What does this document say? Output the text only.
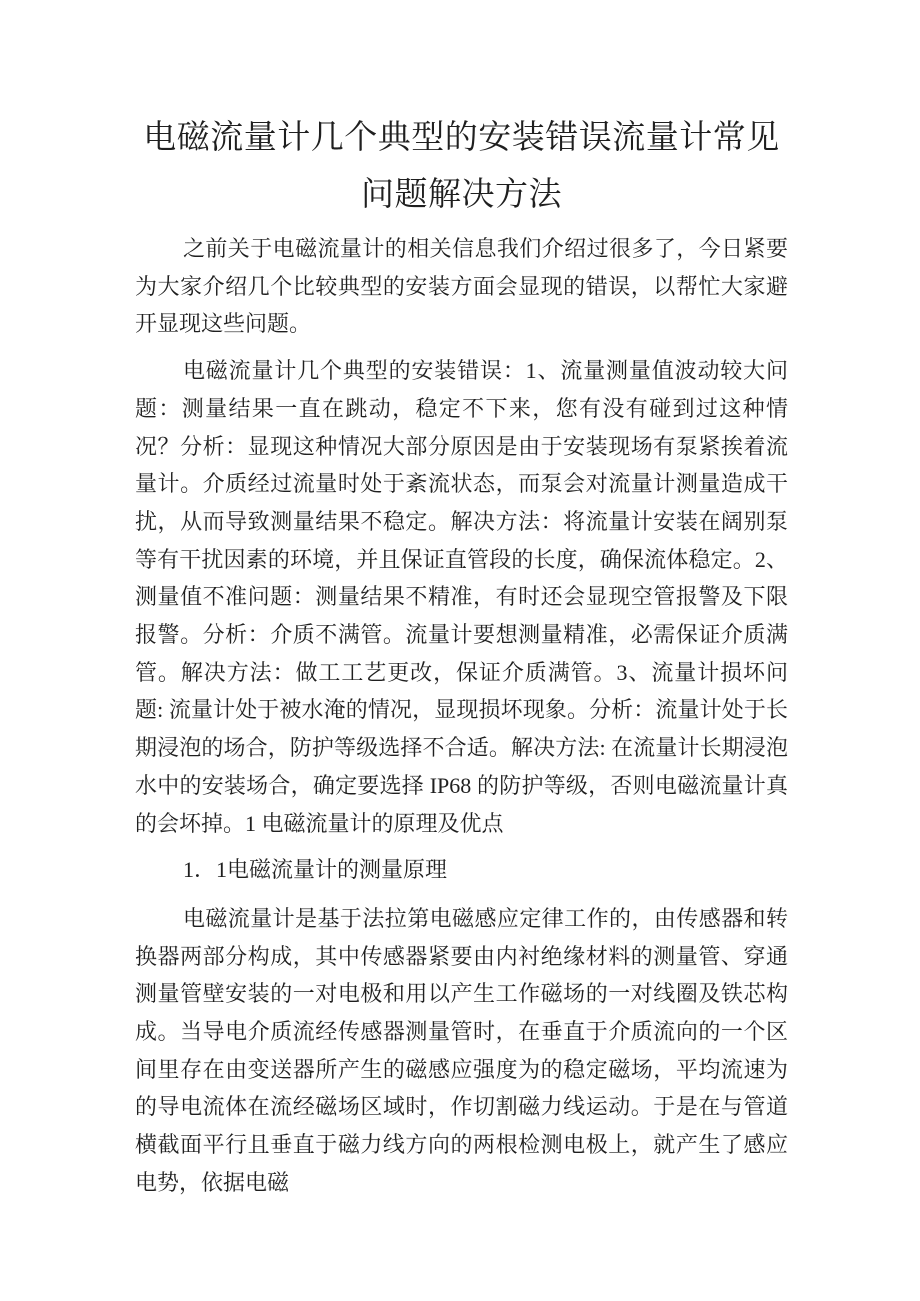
电磁流量计几个典型的安装错误流量计常见
问题解决方法

之前关于电磁流量计的相关信息我们介绍过很多了，今日紧要为大家介绍几个比较典型的安装方面会显现的错误，以帮忙大家避开显现这些问题。

电磁流量计几个典型的安装错误：1、流量测量值波动较大问题：测量结果一直在跳动，稳定不下来，您有没有碰到过这种情况？分析：显现这种情况大部分原因是由于安装现场有泵紧挨着流量计。介质经过流量时处于紊流状态，而泵会对流量计测量造成干扰，从而导致测量结果不稳定。解决方法：将流量计安装在阔别泵等有干扰因素的环境，并且保证直管段的长度，确保流体稳定。2、测量值不准问题：测量结果不精准，有时还会显现空管报警及下限报警。分析：介质不满管。流量计要想测量精准，必需保证介质满管。解决方法：做工工艺更改，保证介质满管。3、流量计损坏问题: 流量计处于被水淹的情况，显现损坏现象。分析：流量计处于长期浸泡的场合，防护等级选择不合适。解决方法: 在流量计长期浸泡水中的安装场合，确定要选择 IP68 的防护等级，否则电磁流量计真的会坏掉。1 电磁流量计的原理及优点

1．1电磁流量计的测量原理

电磁流量计是基于法拉第电磁感应定律工作的，由传感器和转换器两部分构成，其中传感器紧要由内衬绝缘材料的测量管、穿通测量管壁安装的一对电极和用以产生工作磁场的一对线圈及铁芯构成。当导电介质流经传感器测量管时，在垂直于介质流向的一个区间里存在由变送器所产生的磁感应强度为的稳定磁场，平均流速为的导电流体在流经磁场区域时，作切割磁力线运动。于是在与管道横截面平行且垂直于磁力线方向的两根检测电极上，就产生了感应电势，依据电磁
